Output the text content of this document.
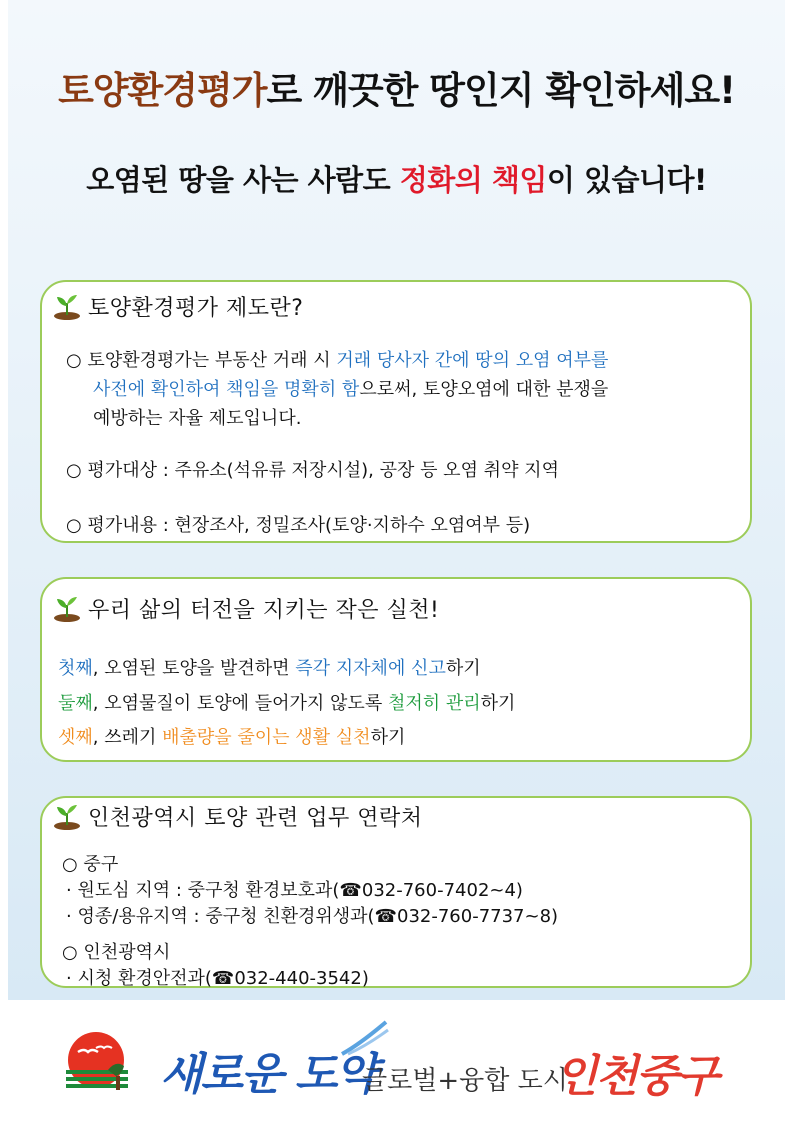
토양환경평가로 깨끗한 땅인지 확인하세요!
오염된 땅을 사는 사람도 정화의 책임이 있습니다!
토양환경평가 제도란?
○ 토양환경평가는 부동산 거래 시 거래 당사자 간에 땅의 오염 여부를
사전에 확인하여 책임을 명확히 함으로써, 토양오염에 대한 분쟁을
예방하는 자율 제도입니다.
○ 평가대상 : 주유소(석유류 저장시설), 공장 등 오염 취약 지역
○ 평가내용 : 현장조사, 정밀조사(토양·지하수 오염여부 등)
우리 삶의 터전을 지키는 작은 실천!
첫째, 오염된 토양을 발견하면 즉각 지자체에 신고하기
둘째, 오염물질이 토양에 들어가지 않도록 철저히 관리하기
셋째, 쓰레기 배출량을 줄이는 생활 실천하기
인천광역시 토양 관련 업무 연락처
○ 중구
· 원도심 지역 : 중구청 환경보호과(☎032-760-7402~4)
· 영종/용유지역 : 중구청 친환경위생과(☎032-760-7737~8)
○ 인천광역시
· 시청 환경안전과(☎032-440-3542)
새로운 도약
글로벌+융합 도시
인천중구
